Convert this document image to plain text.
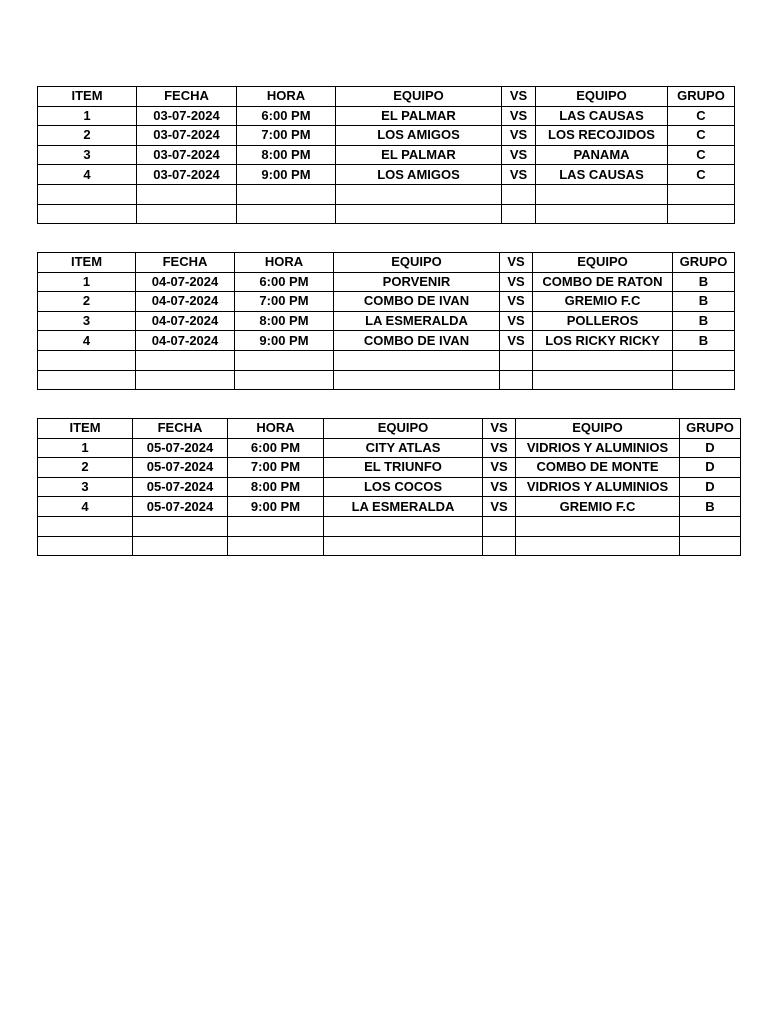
ITEM	FECHA	HORA	EQUIPO	VS	EQUIPO	GRUPO
1	03-07-2024	6:00 PM	EL PALMAR	VS	LAS CAUSAS	C
2	03-07-2024	7:00 PM	LOS AMIGOS	VS	LOS RECOJIDOS	C
3	03-07-2024	8:00 PM	EL PALMAR	VS	PANAMA	C
4	03-07-2024	9:00 PM	LOS AMIGOS	VS	LAS CAUSAS	C

ITEM	FECHA	HORA	EQUIPO	VS	EQUIPO	GRUPO
1	04-07-2024	6:00 PM	PORVENIR	VS	COMBO DE RATON	B
2	04-07-2024	7:00 PM	COMBO DE IVAN	VS	GREMIO F.C	B
3	04-07-2024	8:00 PM	LA ESMERALDA	VS	POLLEROS	B
4	04-07-2024	9:00 PM	COMBO DE IVAN	VS	LOS RICKY RICKY	B

ITEM	FECHA	HORA	EQUIPO	VS	EQUIPO	GRUPO
1	05-07-2024	6:00 PM	CITY ATLAS	VS	VIDRIOS Y ALUMINIOS	D
2	05-07-2024	7:00 PM	EL TRIUNFO	VS	COMBO DE MONTE	D
3	05-07-2024	8:00 PM	LOS COCOS	VS	VIDRIOS Y ALUMINIOS	D
4	05-07-2024	9:00 PM	LA ESMERALDA	VS	GREMIO F.C	B
